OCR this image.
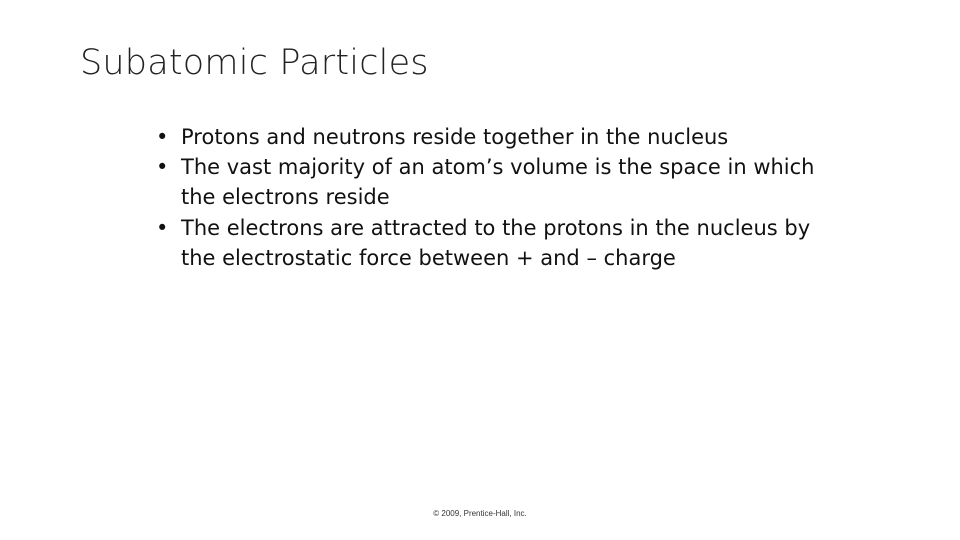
Subatomic Particles
• Protons and neutrons reside together in the nucleus
• The vast majority of an atom’s volume is the space in which the electrons reside
• The electrons are attracted to the protons in the nucleus by the electrostatic force between + and – charge
© 2009, Prentice-Hall, Inc.
